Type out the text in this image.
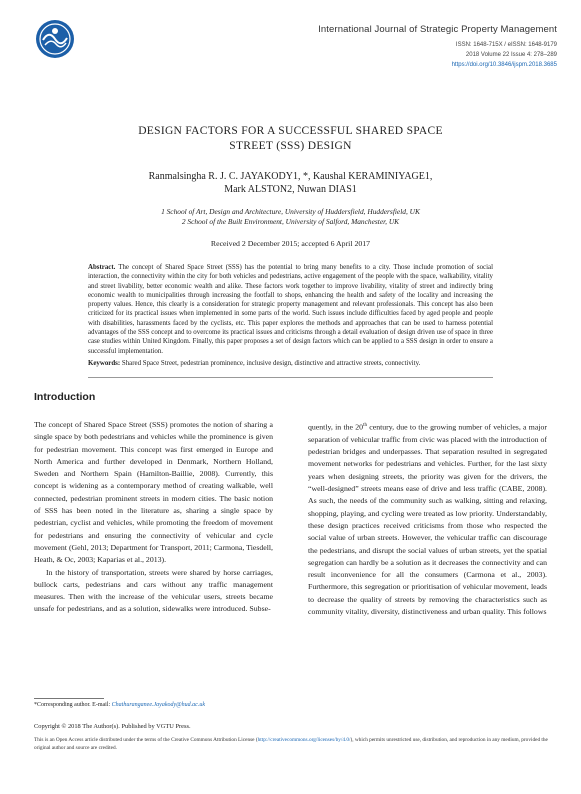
International Journal of Strategic Property Management
ISSN: 1648-715X / eISSN: 1648-9179
2018 Volume 22 Issue 4: 278–289
https://doi.org/10.3846/ijspm.2018.3685
DESIGN FACTORS FOR A SUCCESSFUL SHARED SPACE
STREET (SSS) DESIGN
Ranmalsingha R. J. C. JAYAKODY1, *, Kaushal KERAMINIYAGE1,
Mark ALSTON2, Nuwan DIAS1
1 School of Art, Design and Architecture, University of Huddersfield, Huddersfield, UK
2 School of the Built Environment, University of Salford, Manchester, UK
Received 2 December 2015; accepted 6 April 2017

Abstract. The concept of Shared Space Street (SSS) has the potential to bring many benefits to a city. Those include promotion of social interaction, the connectivity within the city for both vehicles and pedestrians, active engagement of the people with the space, walkability, vitality and street livability, better economic wealth and alike. These factors work together to improve livability, vitality of street and indirectly bring economic wealth to municipalities through increasing the footfall to shops, enhancing the health and safety of the locality and increasing the property values. Hence, this clearly is a consideration for strategic property management and relevant professionals. This concept has also been criticized for its practical issues when implemented in some parts of the world. Such issues include difficulties faced by aged people and people with disabilities, harassments faced by the cyclists, etc. This paper explores the methods and approaches that can be used to harness potential advantages of the SSS concept and to overcome its practical issues and criticisms through a detail evaluation of design driven use of space in three case studies within United Kingdom. Finally, this paper proposes a set of design factors which can be applied to a SSS design in order to ensure a successful implementation.

Keywords: Shared Space Street, pedestrian prominence, inclusive design, distinctive and attractive streets, connectivity.

Introduction

The concept of Shared Space Street (SSS) promotes the notion of sharing a single space by both pedestrians and vehicles while the prominence is given for pedestrian movement. This concept was first emerged in Europe and North America and further developed in Denmark, Northern Holland, Sweden and Northern Spain (Hamilton-Baillie, 2008). Currently, this concept is widening as a contemporary method of creating walkable, well connected, pedestrian prominent streets in modern cities. The basic notion of SSS has been noted in the literature as, sharing a single space by pedestrian, cyclist and vehicles, while promoting the freedom of movement for pedestrians and ensuring the connectivity of vehicular and cycle movement (Gehl, 2013; Department for Transport, 2011; Carmona, Tiesdell, Heath, & Oc, 2003; Kaparias et al., 2013).

In the history of transportation, streets were shared by horse carriages, bullock carts, pedestrians and cars without any traffic management measures. Then with the increase of the vehicular users, streets became unsafe for pedestrians, and as a solution, sidewalks were introduced. Subse-

quently, in the 20th century, due to the growing number of vehicles, a major separation of vehicular traffic from civic was placed with the introduction of pedestrian bridges and underpasses. That separation resulted in segregated movement networks for pedestrians and vehicles. Further, for the last sixty years when designing streets, the priority was given for the drivers, the “well-designed” streets means ease of drive and less traffic (CABE, 2008). As such, the needs of the community such as walking, sitting and relaxing, shopping, playing, and cycling were treated as low priority. Understandably, these design practices received criticisms from those who respected the social value of urban streets. However, the vehicular traffic can discourage the pedestrians, and disrupt the social values of urban streets, yet the spatial segregation can hardly be a solution as it decreases the connectivity and can result inconvenience for all the consumers (Carmona et al., 2003). Furthermore, this segregation or prioritisation of vehicular movement, leads to decrease the quality of streets by removing the characteristics such as community vitality, diversity, distinctiveness and urban quality. This follows

*Corresponding author. E-mail: Chathuranganee.Jayakody@hud.ac.uk
Copyright © 2018 The Author(s). Published by VGTU Press.
This is an Open Access article distributed under the terms of the Creative Commons Attribution License (http://creativecommons.org/licenses/by/4.0/), which permits unrestricted use, distribution, and reproduction in any medium, provided the original author and source are credited.
